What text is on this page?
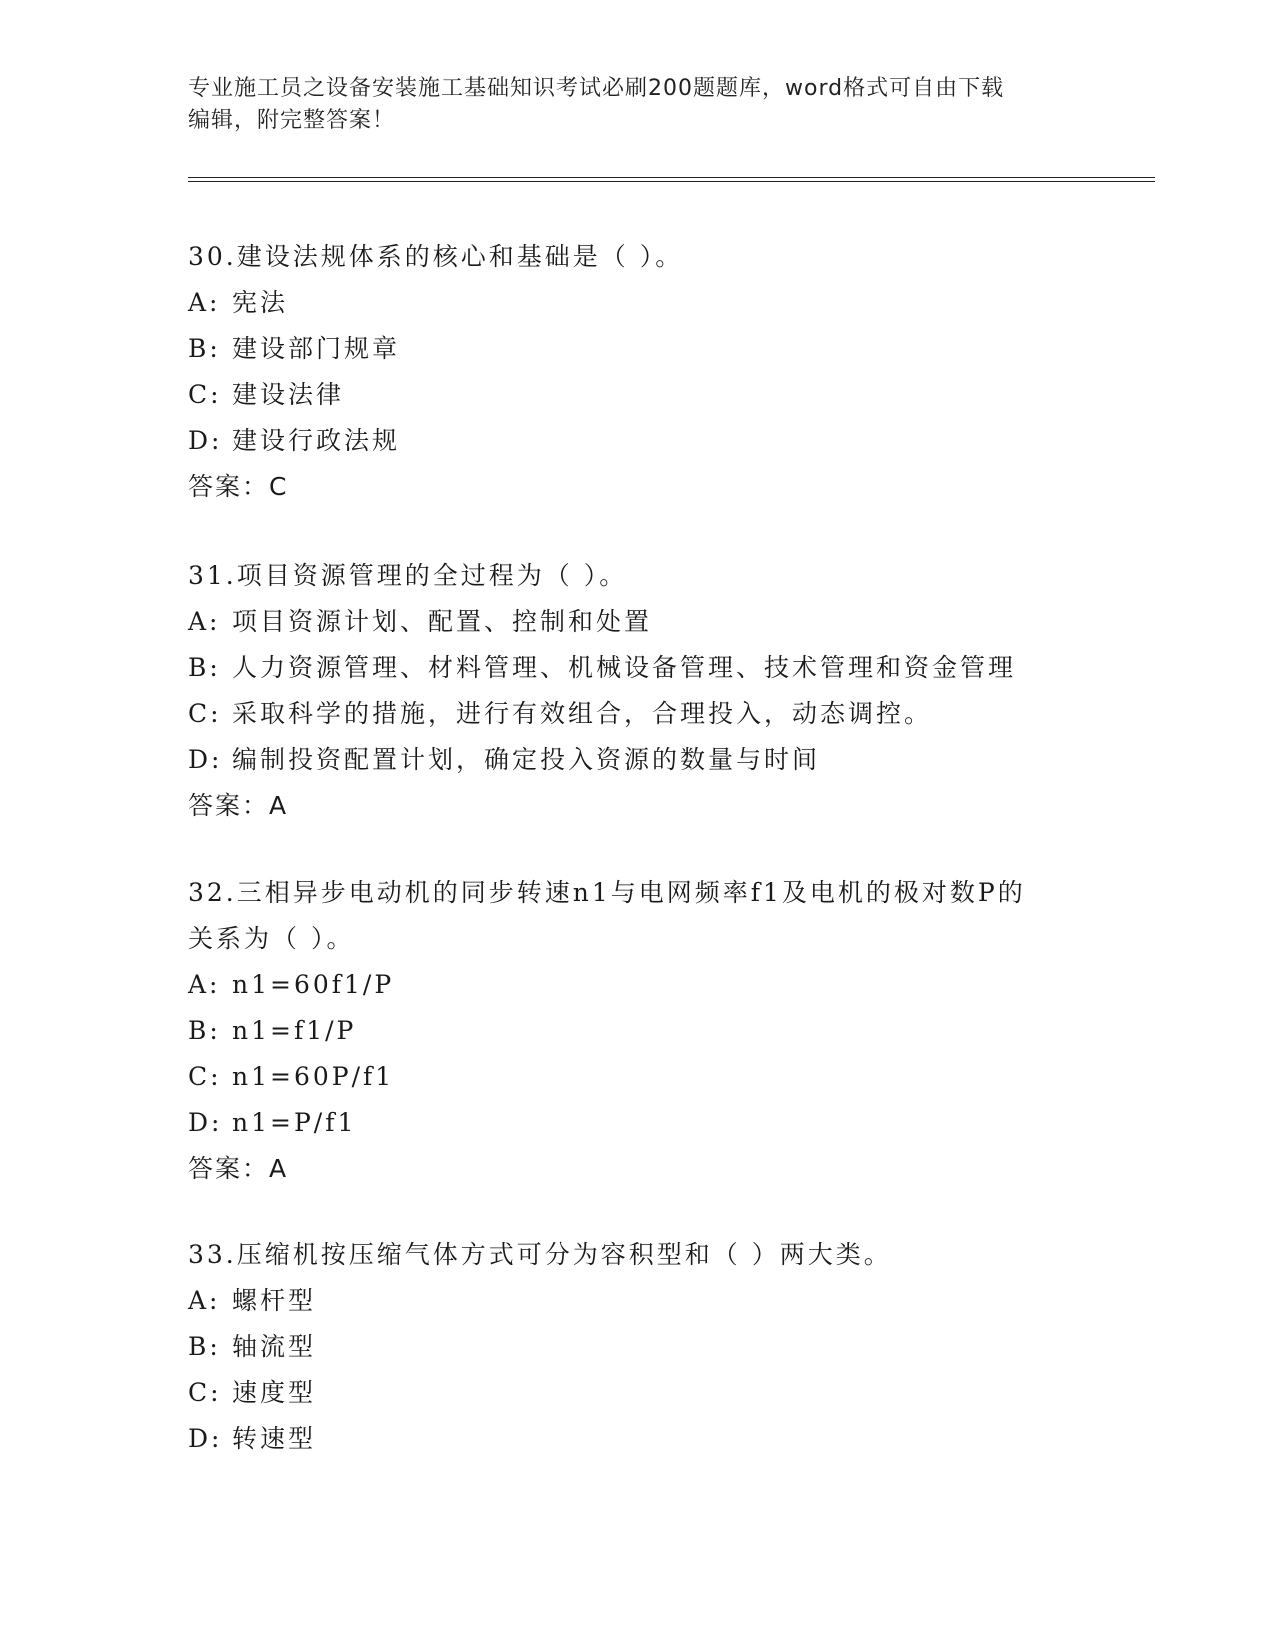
专业施工员之设备安装施工基础知识考试必刷200题题库，word格式可自由下载
编辑，附完整答案！
30.建设法规体系的核心和基础是（ ）。
A: 宪法
B: 建设部门规章
C: 建设法律
D: 建设行政法规
答案：C
31.项目资源管理的全过程为（ ）。
A: 项目资源计划、配置、控制和处置
B: 人力资源管理、材料管理、机械设备管理、技术管理和资金管理
C: 采取科学的措施，进行有效组合，合理投入，动态调控。
D: 编制投资配置计划，确定投入资源的数量与时间
答案：A
32.三相异步电动机的同步转速n1与电网频率f1及电机的极对数P的
关系为（ ）。
A: n1=60f1/P
B: n1=f1/P
C: n1=60P/f1
D: n1=P/f1
答案：A
33.压缩机按压缩气体方式可分为容积型和（ ）两大类。
A: 螺杆型
B: 轴流型
C: 速度型
D: 转速型
